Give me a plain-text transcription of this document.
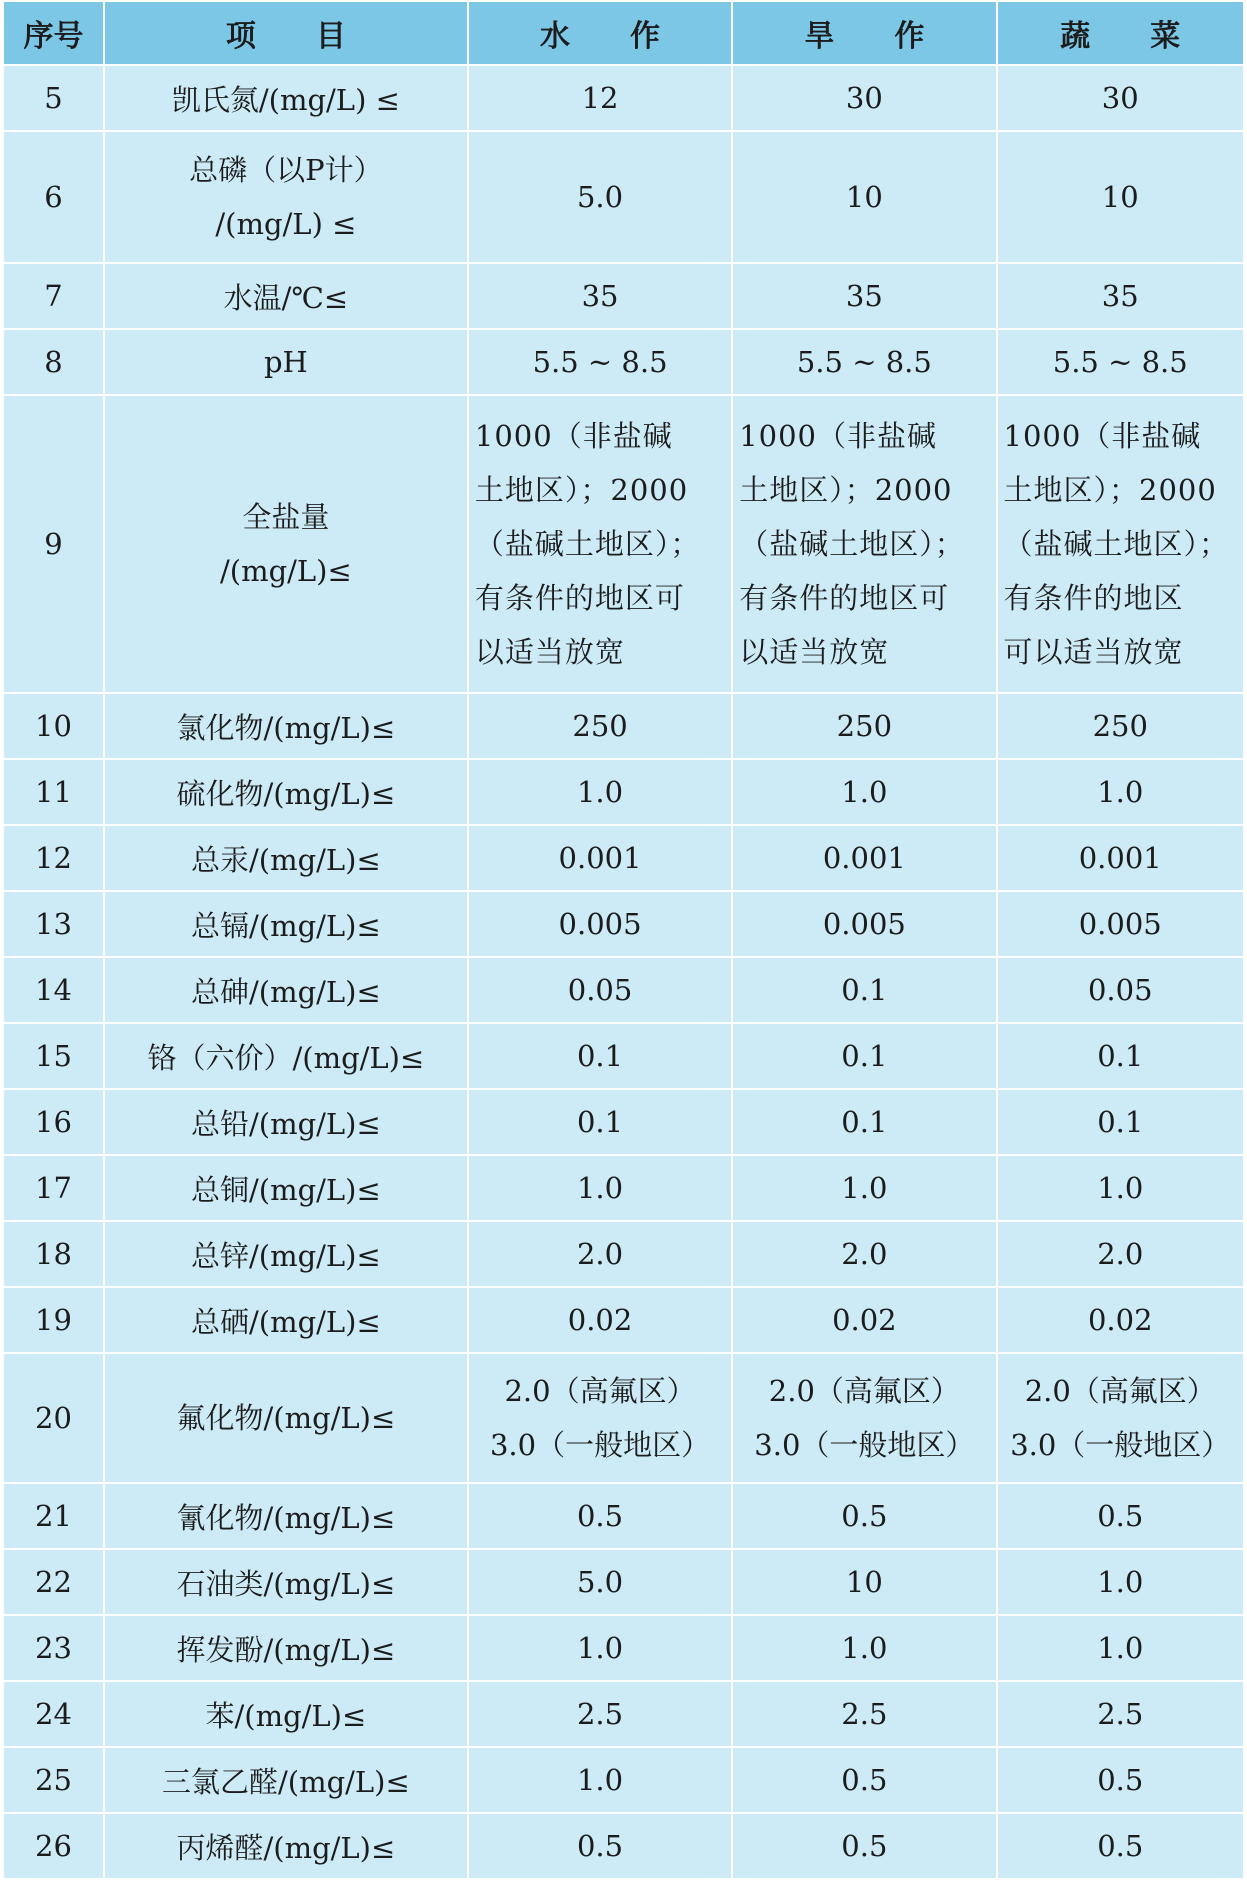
序号	项　　目	水　　作	旱　　作	蔬　　菜
5	凯氏氮/(mg/L) ≤	12	30	30

6	总磷（以P计）
/(mg/L) ≤	5.0	10	10

7	水温/℃≤	35	35	35

8	pH	5.5 ~ 8.5	5.5 ~ 8.5	5.5 ~ 8.5

9	全盐量
/(mg/L)≤	1000（非盐碱
土地区）；2000
（盐碱土地区）；
有条件的地区可
以适当放宽	1000（非盐碱
土地区）；2000
（盐碱土地区）；
有条件的地区可
以适当放宽	1000（非盐碱
土地区）；2000
（盐碱土地区）；
有条件的地区
可以适当放宽

10	氯化物/(mg/L)≤	250	250	250

11	硫化物/(mg/L)≤	1.0	1.0	1.0

12	总汞/(mg/L)≤	0.001	0.001	0.001

13	总镉/(mg/L)≤	0.005	0.005	0.005

14	总砷/(mg/L)≤	0.05	0.1	0.05

15	铬（六价）/(mg/L)≤	0.1	0.1	0.1

16	总铅/(mg/L)≤	0.1	0.1	0.1

17	总铜/(mg/L)≤	1.0	1.0	1.0

18	总锌/(mg/L)≤	2.0	2.0	2.0

19	总硒/(mg/L)≤	0.02	0.02	0.02

20	氟化物/(mg/L)≤	2.0（高氟区）
3.0（一般地区）	2.0（高氟区）
3.0（一般地区）	2.0（高氟区）
3.0（一般地区）

21	氰化物/(mg/L)≤	0.5	0.5	0.5

22	石油类/(mg/L)≤	5.0	10	1.0

23	挥发酚/(mg/L)≤	1.0	1.0	1.0

24	苯/(mg/L)≤	2.5	2.5	2.5

25	三氯乙醛/(mg/L)≤	1.0	0.5	0.5

26	丙烯醛/(mg/L)≤	0.5	0.5	0.5
